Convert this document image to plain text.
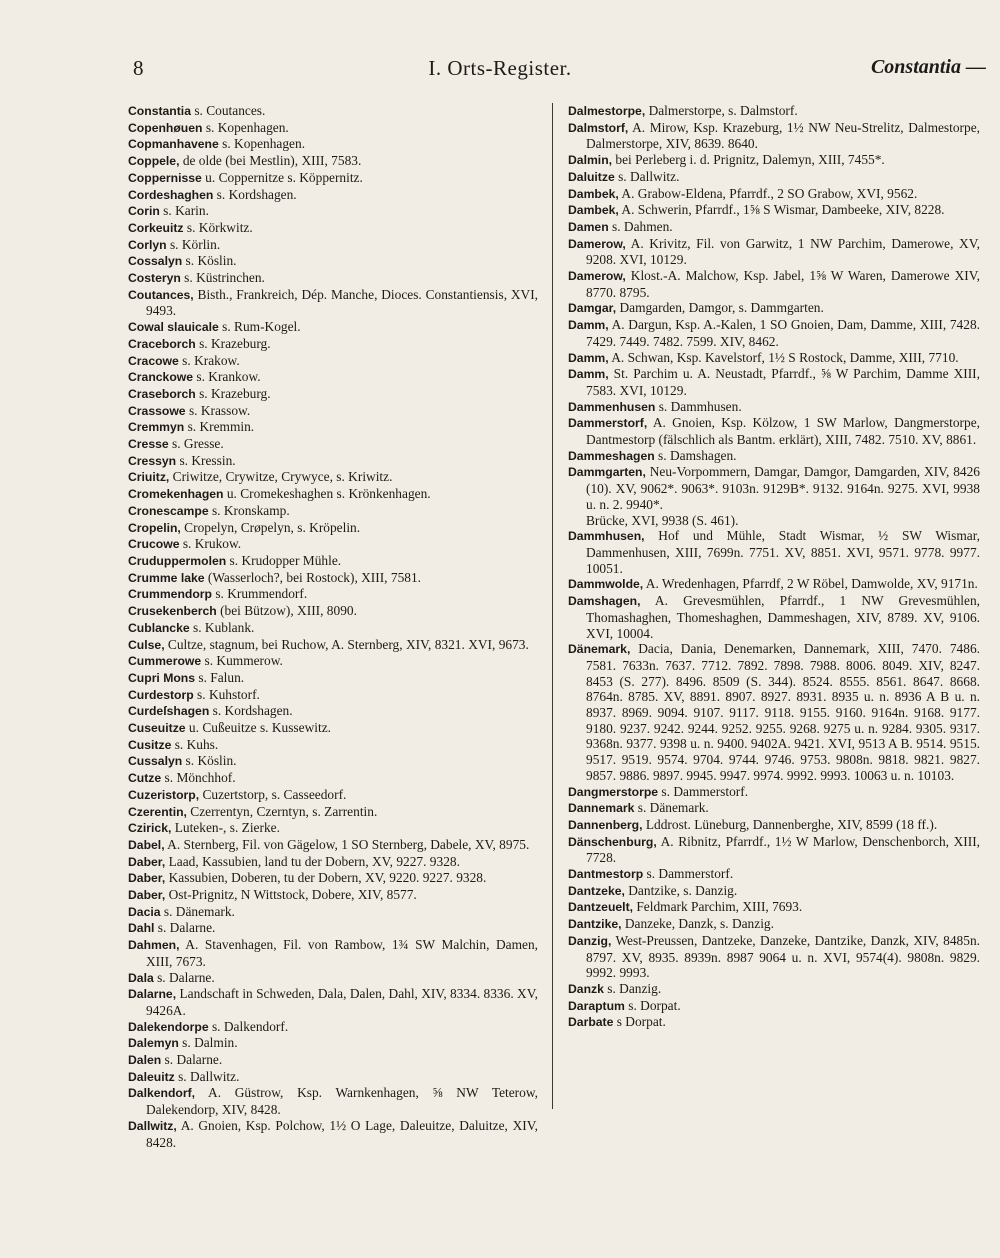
8	I. Orts-Register.	Constantia —
Constantia s. Coutances.
Copenhøuen s. Kopenhagen.
Copmanhavene s. Kopenhagen.
Coppele, de olde (bei Mestlin), XIII, 7583.
Coppernisse u. Coppernitze s. Köppernitz.
Cordeshaghen s. Kordshagen.
Corin s. Karin.
Corkeuitz s. Körkwitz.
Corlyn s. Körlin.
Cossalyn s. Köslin.
Costeryn s. Küstrinchen.
Coutances, Bisth., Frankreich, Dép. Manche, Dioces. Constantiensis, XVI, 9493.
Cowal slauicale s. Rum-Kogel.
Craceborch s. Krazeburg.
Cracowe s. Krakow.
Cranckowe s. Krankow.
Craseborch s. Krazeburg.
Crassowe s. Krassow.
Cremmyn s. Kremmin.
Cresse s. Gresse.
Cressyn s. Kressin.
Criuitz, Criwitze, Crywitze, Crywyce, s. Kriwitz.
Cromekenhagen u. Cromekeshaghen s. Krönkenhagen.
Cronescampe s. Kronskamp.
Cropelin, Cropelyn, Crøpelyn, s. Kröpelin.
Crucowe s. Krukow.
Cruduppermolen s. Krudopper Mühle.
Crumme lake (Wasserloch?, bei Rostock), XIII, 7581.
Crummendorp s. Krummendorf.
Crusekenberch (bei Bützow), XIII, 8090.
Cublancke s. Kublank.
Culse, Cultze, stagnum, bei Ruchow, A. Sternberg, XIV, 8321. XVI, 9673.
Cummerowe s. Kummerow.
Cupri Mons s. Falun.
Curdestorp s. Kuhstorf.
Curdeſshagen s. Kordshagen.
Cuseuitze u. Cußeuitze s. Kussewitz.
Cusitze s. Kuhs.
Cussalyn s. Köslin.
Cutze s. Mönchhof.
Cuzeristorp, Cuzertstorp, s. Casseedorf.
Czerentin, Czerrentyn, Czerntyn, s. Zarrentin.
Czirick, Luteken-, s. Zierke.
Dabel, A. Sternberg, Fil. von Gägelow, 1 SO Sternberg, Dabele, XV, 8975.
Daber, Laad, Kassubien, land tu der Dobern, XV, 9227. 9328.
Daber, Kassubien, Doberen, tu der Dobern, XV, 9220. 9227. 9328.
Daber, Ost-Prignitz, N Wittstock, Dobere, XIV, 8577.
Dacia s. Dänemark.
Dahl s. Dalarne.
Dahmen, A. Stavenhagen, Fil. von Rambow, 1¾ SW Malchin, Damen, XIII, 7673.
Dala s. Dalarne.
Dalarne, Landschaft in Schweden, Dala, Dalen, Dahl, XIV, 8334. 8336. XV, 9426A.
Dalekendorpe s. Dalkendorf.
Dalemyn s. Dalmin.
Dalen s. Dalarne.
Daleuitz s. Dallwitz.
Dalkendorf, A. Güstrow, Ksp. Warnkenhagen, ⅝ NW Teterow, Dalekendorp, XIV, 8428.
Dallwitz, A. Gnoien, Ksp. Polchow, 1½ O Lage, Daleuitze, Daluitze, XIV, 8428.
Dalmestorpe, Dalmerstorpe, s. Dalmstorf.
Dalmstorf, A. Mirow, Ksp. Krazeburg, 1½ NW Neu-Strelitz, Dalmestorpe, Dalmerstorpe, XIV, 8639. 8640.
Dalmin, bei Perleberg i. d. Prignitz, Dalemyn, XIII, 7455*.
Daluitze s. Dallwitz.
Dambek, A. Grabow-Eldena, Pfarrdf., 2 SO Grabow, XVI, 9562.
Dambek, A. Schwerin, Pfarrdf., 1⅝ S Wismar, Dambeeke, XIV, 8228.
Damen s. Dahmen.
Damerow, A. Krivitz, Fil. von Garwitz, 1 NW Parchim, Damerowe, XV, 9208. XVI, 10129.
Damerow, Klost.-A. Malchow, Ksp. Jabel, 1⅝ W Waren, Damerowe XIV, 8770. 8795.
Damgar, Damgarden, Damgor, s. Dammgarten.
Damm, A. Dargun, Ksp. A.-Kalen, 1 SO Gnoien, Dam, Damme, XIII, 7428. 7429. 7449. 7482. 7599. XIV, 8462.
Damm, A. Schwan, Ksp. Kavelstorf, 1½ S Rostock, Damme, XIII, 7710.
Damm, St. Parchim u. A. Neustadt, Pfarrdf., ⅝ W Parchim, Damme XIII, 7583. XVI, 10129.
Dammenhusen s. Dammhusen.
Dammerstorf, A. Gnoien, Ksp. Kölzow, 1 SW Marlow, Dangmerstorpe, Dantmestorp (fälschlich als Bantm. erklärt), XIII, 7482. 7510. XV, 8861.
Dammeshagen s. Damshagen.
Dammgarten, Neu-Vorpommern, Damgar, Damgor, Damgarden, XIV, 8426 (10). XV, 9062*. 9063*. 9103n. 9129B*. 9132. 9164n. 9275. XVI, 9938 u. n. 2. 9940*.
Brücke, XVI, 9938 (S. 461).
Dammhusen, Hof und Mühle, Stadt Wismar, ½ SW Wismar, Dammenhusen, XIII, 7699n. 7751. XV, 8851. XVI, 9571. 9778. 9977. 10051.
Dammwolde, A. Wredenhagen, Pfarrdf, 2 W Röbel, Damwolde, XV, 9171n.
Damshagen, A. Grevesmühlen, Pfarrdf., 1 NW Grevesmühlen, Thomashaghen, Thomeshaghen, Dammeshagen, XIV, 8789. XV, 9106. XVI, 10004.
Dänemark, Dacia, Dania, Denemarken, Dannemark, XIII, 7470. 7486. 7581. 7633n. 7637. 7712. 7892. 7898. 7988. 8006. 8049. XIV, 8247. 8453 (S. 277). 8496. 8509 (S. 344). 8524. 8555. 8561. 8647. 8668. 8764n. 8785. XV, 8891. 8907. 8927. 8931. 8935 u. n. 8936 A B u. n. 8937. 8969. 9094. 9107. 9117. 9118. 9155. 9160. 9164n. 9168. 9177. 9180. 9237. 9242. 9244. 9252. 9255. 9268. 9275 u. n. 9284. 9305. 9317. 9368n. 9377. 9398 u. n. 9400. 9402A. 9421. XVI, 9513 A B. 9514. 9515. 9517. 9519. 9574. 9704. 9744. 9746. 9753. 9808n. 9818. 9821. 9827. 9857. 9886. 9897. 9945. 9947. 9974. 9992. 9993. 10063 u. n. 10103.
Dangmerstorpe s. Dammerstorf.
Dannemark s. Dänemark.
Dannenberg, Lddrost. Lüneburg, Dannenberghe, XIV, 8599 (18 ff.).
Dänschenburg, A. Ribnitz, Pfarrdf., 1½ W Marlow, Denschenborch, XIII, 7728.
Dantmestorp s. Dammerstorf.
Dantzeke, Dantzike, s. Danzig.
Dantzeuelt, Feldmark Parchim, XIII, 7693.
Dantzike, Danzeke, Danzk, s. Danzig.
Danzig, West-Preussen, Dantzeke, Danzeke, Dantzike, Danzk, XIV, 8485n. 8797. XV, 8935. 8939n. 8987 9064 u. n. XVI, 9574(4). 9808n. 9829. 9992. 9993.
Danzk s. Danzig.
Daraptum s. Dorpat.
Darbate s Dorpat.
